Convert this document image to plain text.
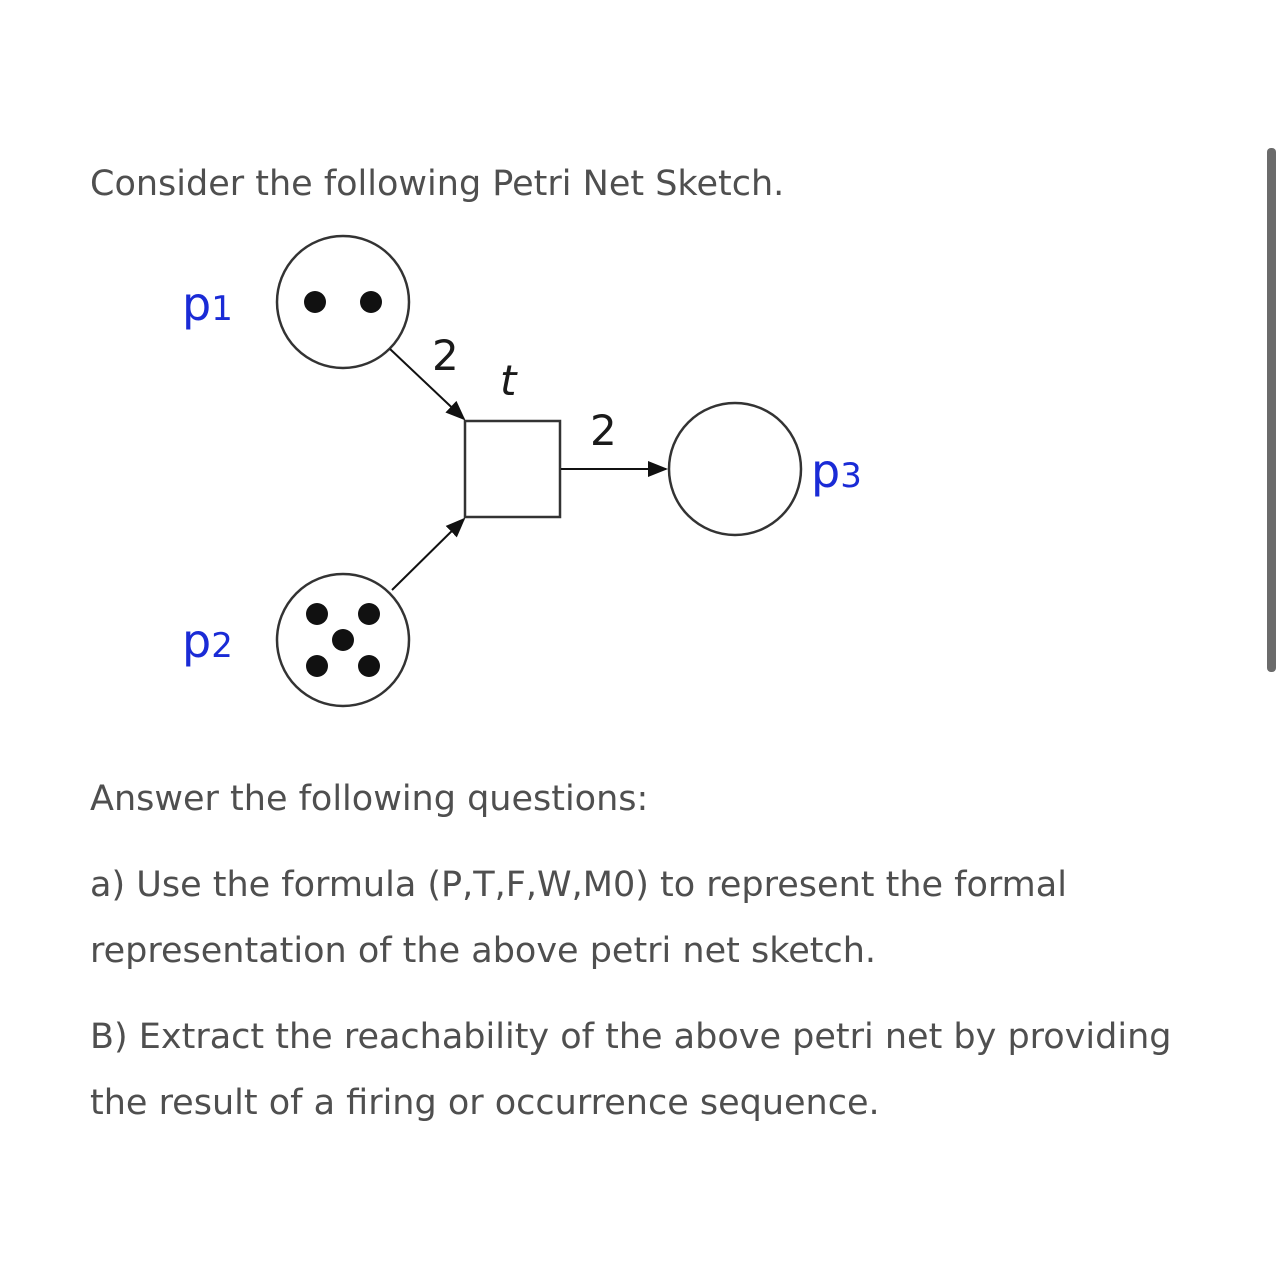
Consider the following Petri Net Sketch.

p1
p2
p3
t
2
2

Answer the following questions:

a) Use the formula (P,T,F,W,M0) to represent the formal representation of the above petri net sketch.

B) Extract the reachability of the above petri net by providing the result of a firing or occurrence sequence.
